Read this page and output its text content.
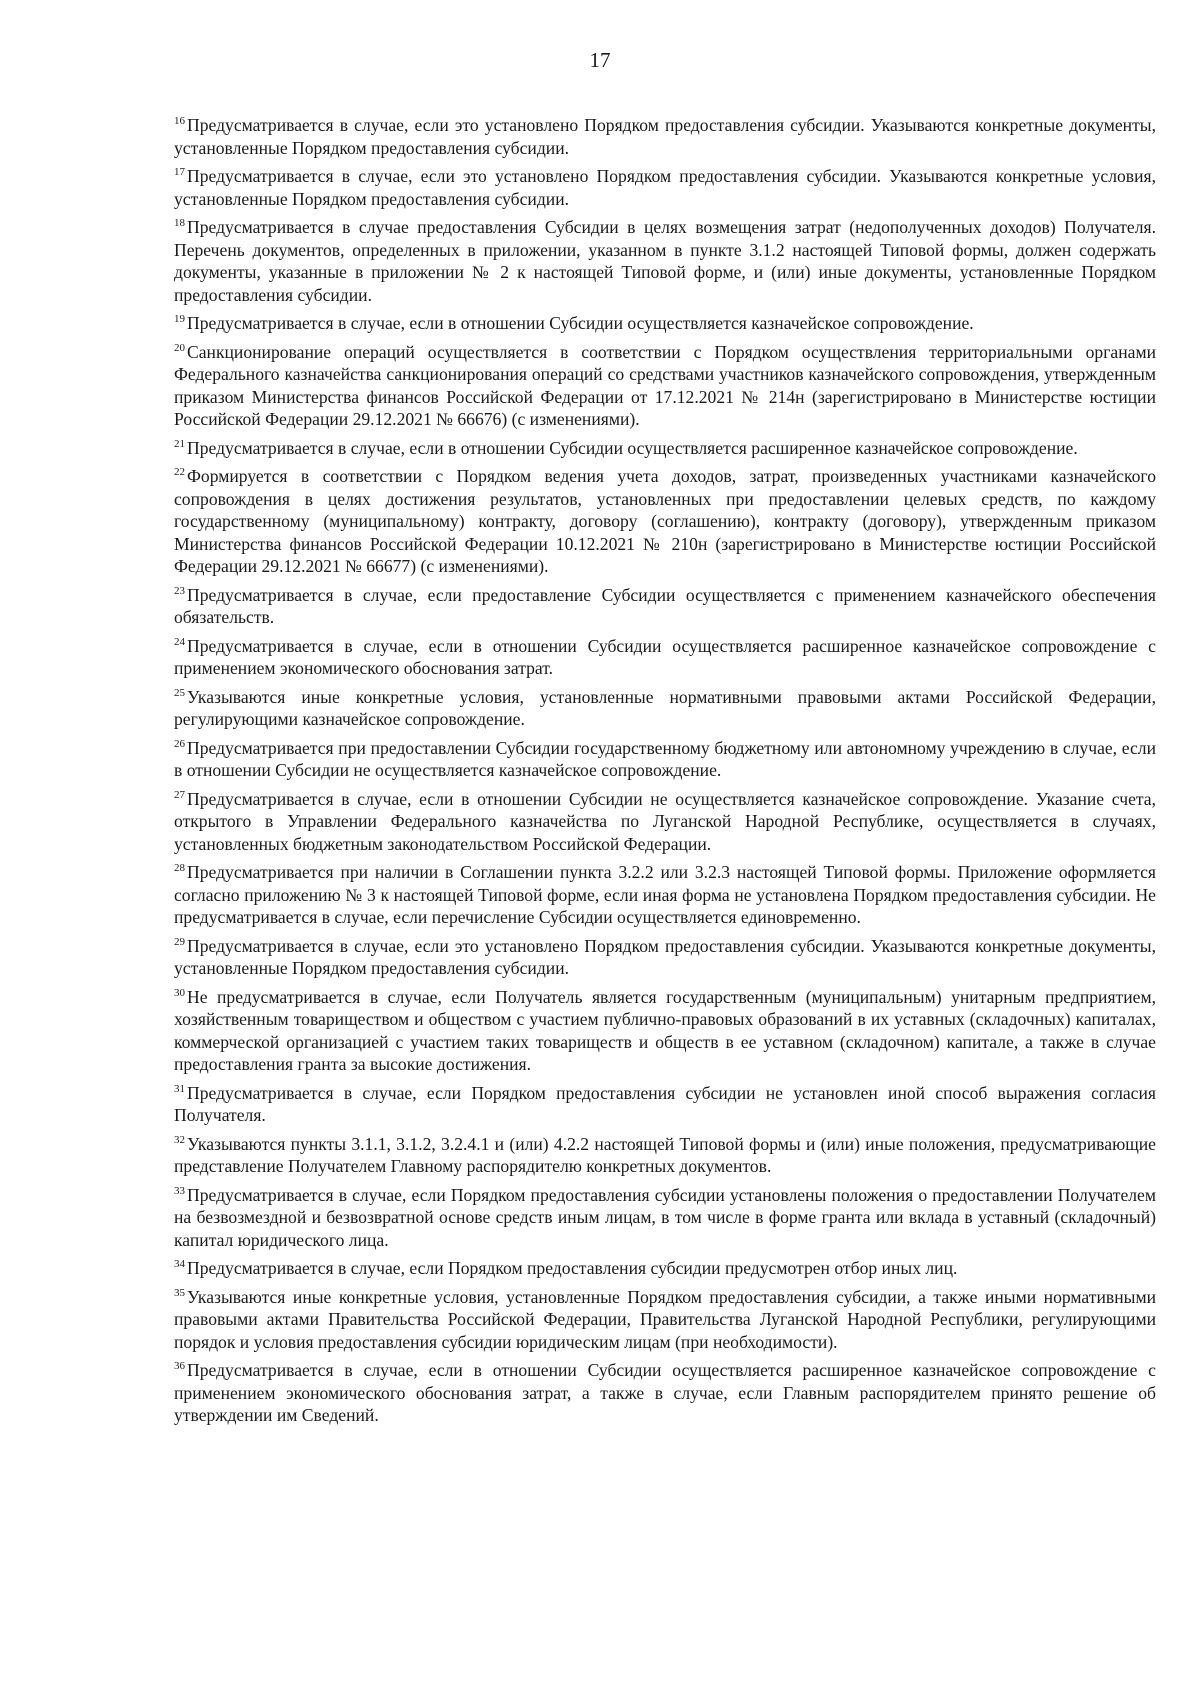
17

$^{16}$ Предусматривается в случае, если это установлено Порядком предоставления субсидии. Указываются конкретные документы, установленные Порядком предоставления субсидии.

$^{17}$ Предусматривается в случае, если это установлено Порядком предоставления субсидии. Указываются конкретные условия, установленные Порядком предоставления субсидии.

$^{18}$ Предусматривается в случае предоставления Субсидии в целях возмещения затрат (недополученных доходов) Получателя. Перечень документов, определенных в приложении, указанном в пункте 3.1.2 настоящей Типовой формы, должен содержать документы, указанные в приложении № 2 к настоящей Типовой форме, и (или) иные документы, установленные Порядком предоставления субсидии.

$^{19}$ Предусматривается в случае, если в отношении Субсидии осуществляется казначейское сопровождение.

$^{20}$ Санкционирование операций осуществляется в соответствии с Порядком осуществления территориальными органами Федерального казначейства санкционирования операций со средствами участников казначейского сопровождения, утвержденным приказом Министерства финансов Российской Федерации от 17.12.2021 № 214н (зарегистрировано в Министерстве юстиции Российской Федерации 29.12.2021 № 66676) (с изменениями).

$^{21}$ Предусматривается в случае, если в отношении Субсидии осуществляется расширенное казначейское сопровождение.

$^{22}$ Формируется в соответствии с Порядком ведения учета доходов, затрат, произведенных участниками казначейского сопровождения в целях достижения результатов, установленных при предоставлении целевых средств, по каждому государственному (муниципальному) контракту, договору (соглашению), контракту (договору), утвержденным приказом Министерства финансов Российской Федерации 10.12.2021 № 210н (зарегистрировано в Министерстве юстиции Российской Федерации 29.12.2021 № 66677) (с изменениями).

$^{23}$ Предусматривается в случае, если предоставление Субсидии осуществляется с применением казначейского обеспечения обязательств.

$^{24}$ Предусматривается в случае, если в отношении Субсидии осуществляется расширенное казначейское сопровождение с применением экономического обоснования затрат.

$^{25}$ Указываются иные конкретные условия, установленные нормативными правовыми актами Российской Федерации, регулирующими казначейское сопровождение.

$^{26}$ Предусматривается при предоставлении Субсидии государственному бюджетному или автономному учреждению в случае, если в отношении Субсидии не осуществляется казначейское сопровождение.

$^{27}$ Предусматривается в случае, если в отношении Субсидии не осуществляется казначейское сопровождение. Указание счета, открытого в Управлении Федерального казначейства по Луганской Народной Республике, осуществляется в случаях, установленных бюджетным законодательством Российской Федерации.

$^{28}$ Предусматривается при наличии в Соглашении пункта 3.2.2 или 3.2.3 настоящей Типовой формы. Приложение оформляется согласно приложению № 3 к настоящей Типовой форме, если иная форма не установлена Порядком предоставления субсидии. Не предусматривается в случае, если перечисление Субсидии осуществляется единовременно.

$^{29}$ Предусматривается в случае, если это установлено Порядком предоставления субсидии. Указываются конкретные документы, установленные Порядком предоставления субсидии.

$^{30}$ Не предусматривается в случае, если Получатель является государственным (муниципальным) унитарным предприятием, хозяйственным товариществом и обществом с участием публично-правовых образований в их уставных (складочных) капиталах, коммерческой организацией с участием таких товариществ и обществ в ее уставном (складочном) капитале, а также в случае предоставления гранта за высокие достижения.

$^{31}$ Предусматривается в случае, если Порядком предоставления субсидии не установлен иной способ выражения согласия Получателя.

$^{32}$ Указываются пункты 3.1.1, 3.1.2, 3.2.4.1 и (или) 4.2.2 настоящей Типовой формы и (или) иные положения, предусматривающие представление Получателем Главному распорядителю конкретных документов.

$^{33}$ Предусматривается в случае, если Порядком предоставления субсидии установлены положения о предоставлении Получателем на безвозмездной и безвозвратной основе средств иным лицам, в том числе в форме гранта или вклада в уставный (складочный) капитал юридического лица.

$^{34}$ Предусматривается в случае, если Порядком предоставления субсидии предусмотрен отбор иных лиц.

$^{35}$ Указываются иные конкретные условия, установленные Порядком предоставления субсидии, а также иными нормативными правовыми актами Правительства Российской Федерации, Правительства Луганской Народной Республики, регулирующими порядок и условия предоставления субсидии юридическим лицам (при необходимости).

$^{36}$ Предусматривается в случае, если в отношении Субсидии осуществляется расширенное казначейское сопровождение с применением экономического обоснования затрат, а также в случае, если Главным распорядителем принято решение об утверждении им Сведений.
